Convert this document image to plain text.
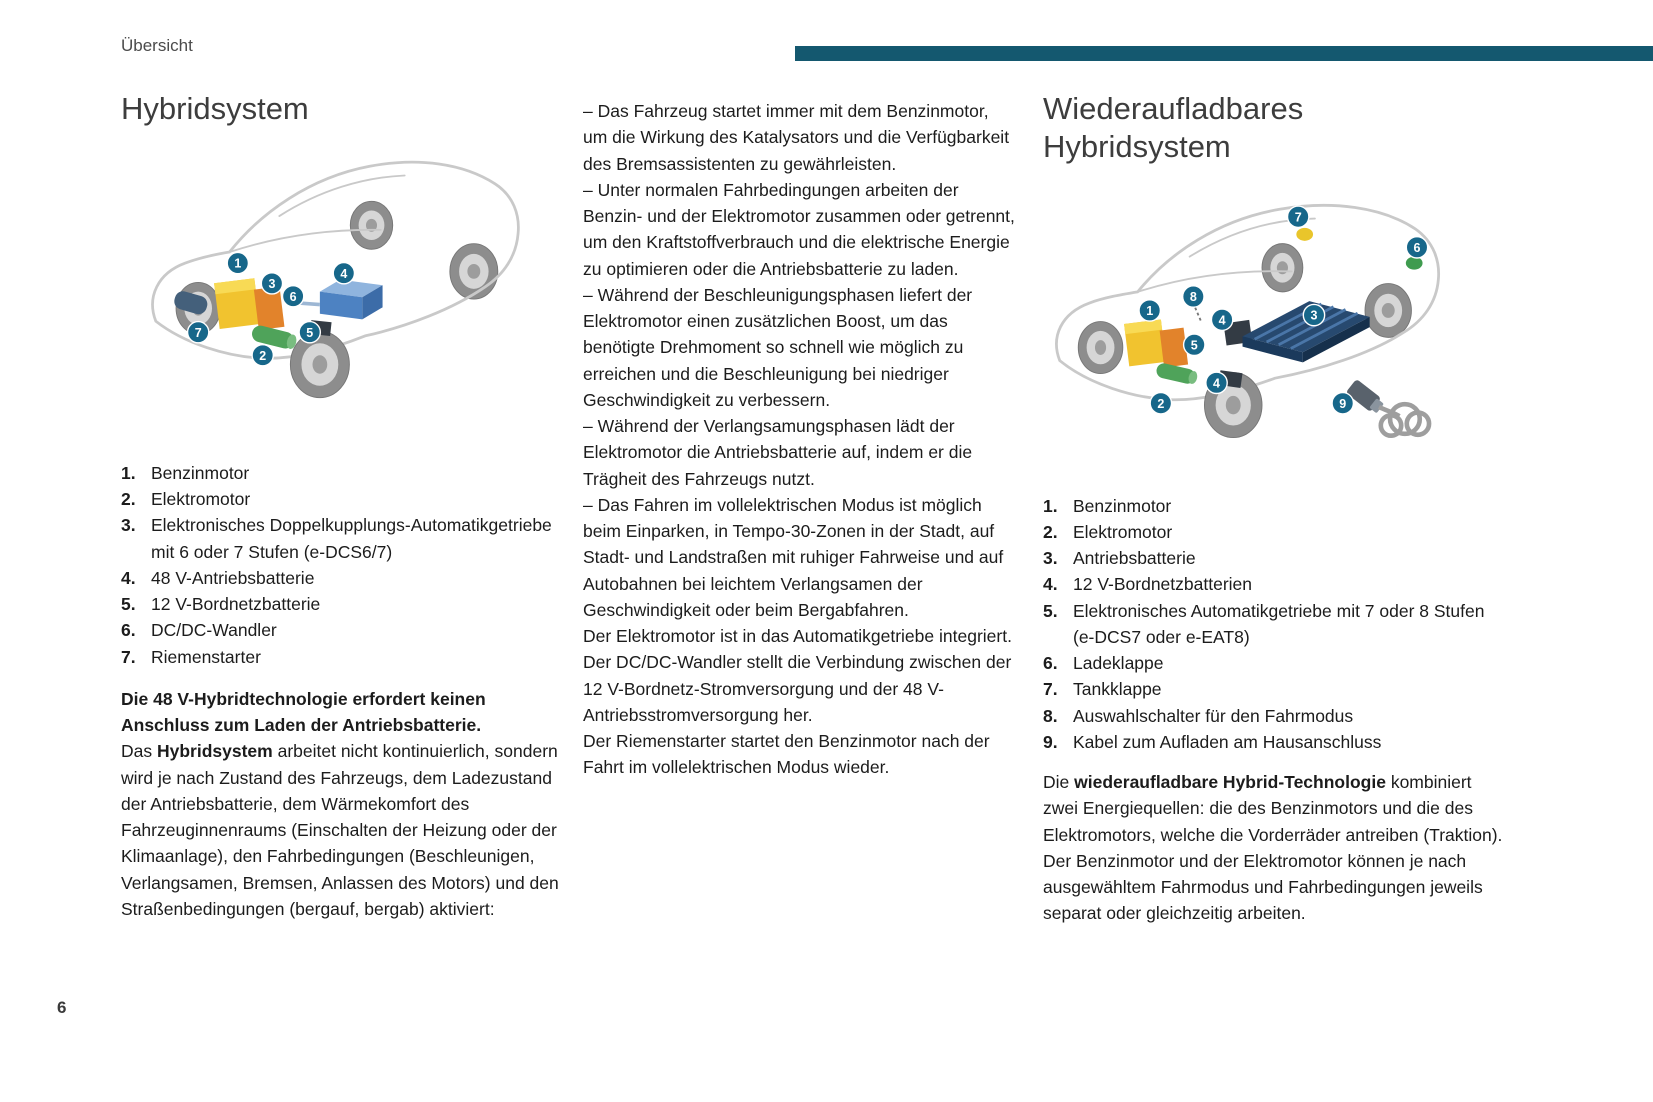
Übersicht
Hybridsystem
1
3
6
4
5
7
2
1. Benzinmotor
2. Elektromotor
3. Elektronisches Doppelkupplungs-Automatikgetriebe mit 6 oder 7 Stufen (e-DCS6/7)
4. 48 V-Antriebsbatterie
5. 12 V-Bordnetzbatterie
6. DC/DC-Wandler
7. Riemenstarter

Die 48 V-Hybridtechnologie erfordert keinen Anschluss zum Laden der Antriebsbatterie.

Das Hybridsystem arbeitet nicht kontinuierlich, sondern wird je nach Zustand des Fahrzeugs, dem Ladezustand der Antriebsbatterie, dem Wärmekomfort des Fahrzeuginnenraums (Einschalten der Heizung oder der Klimaanlage), den Fahrbedingungen (Beschleunigen, Verlangsamen, Bremsen, Anlassen des Motors) und den Straßenbedingungen (bergauf, bergab) aktiviert:

– Das Fahrzeug startet immer mit dem Benzinmotor, um die Wirkung des Katalysators und die Verfügbarkeit des Bremsassistenten zu gewährleisten.

– Unter normalen Fahrbedingungen arbeiten der Benzin- und der Elektromotor zusammen oder getrennt, um den Kraftstoffverbrauch und die elektrische Energie zu optimieren oder die Antriebsbatterie zu laden.

– Während der Beschleunigungsphasen liefert der Elektromotor einen zusätzlichen Boost, um das benötigte Drehmoment so schnell wie möglich zu erreichen und die Beschleunigung bei niedriger Geschwindigkeit zu verbessern.

– Während der Verlangsamungsphasen lädt der Elektromotor die Antriebsbatterie auf, indem er die Trägheit des Fahrzeugs nutzt.

– Das Fahren im vollelektrischen Modus ist möglich beim Einparken, in Tempo-30-Zonen in der Stadt, auf Stadt- und Landstraßen mit ruhiger Fahrweise und auf Autobahnen bei leichtem Verlangsamen der Geschwindigkeit oder beim Bergabfahren.

Der Elektromotor ist in das Automatikgetriebe integriert.

Der DC/DC-Wandler stellt die Verbindung zwischen der 12 V-Bordnetz-Stromversorgung und der 48 V-Antriebsstromversorgung her.

Der Riemenstarter startet den Benzinmotor nach der Fahrt im vollelektrischen Modus wieder.

Wiederaufladbares Hybridsystem
1
2
3
4
4
5
6
7
8
9
1. Benzinmotor
2. Elektromotor
3. Antriebsbatterie
4. 12 V-Bordnetzbatterien
5. Elektronisches Automatikgetriebe mit 7 oder 8 Stufen (e-DCS7 oder e-EAT8)
6. Ladeklappe
7. Tankklappe
8. Auswahlschalter für den Fahrmodus
9. Kabel zum Aufladen am Hausanschluss

Die wiederaufladbare Hybrid-Technologie kombiniert zwei Energiequellen: die des Benzinmotors und die des Elektromotors, welche die Vorderräder antreiben (Traktion).

Der Benzinmotor und der Elektromotor können je nach ausgewähltem Fahrmodus und Fahrbedingungen jeweils separat oder gleichzeitig arbeiten.

6
